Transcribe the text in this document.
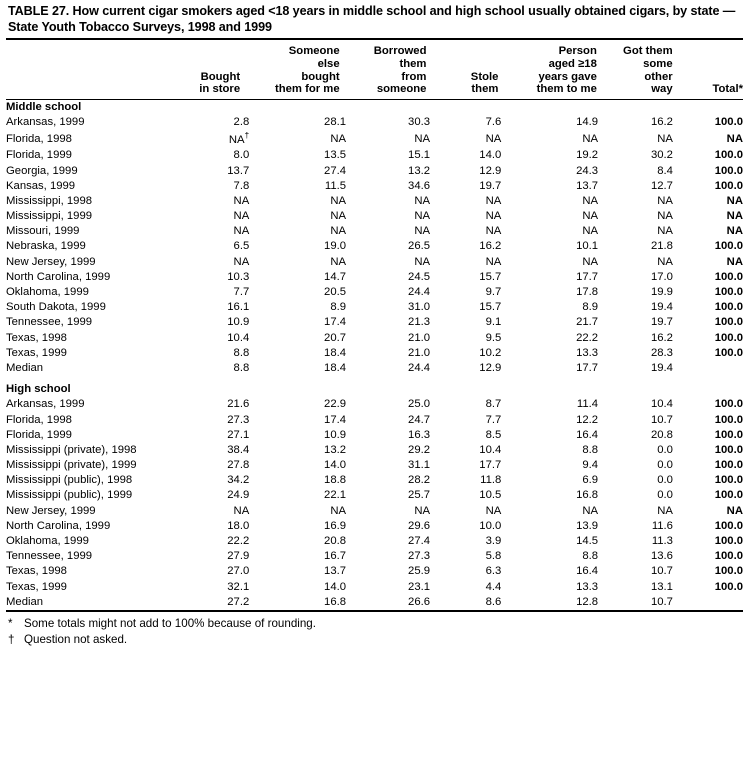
TABLE 27. How current cigar smokers aged <18 years in middle school and high school usually obtained cigars, by state — State Youth Tobacco Surveys, 1998 and 1999
	Bought
in store	Someone
else
bought
them for me	Borrowed
them
from
someone	Stole
them	Person
aged ≥18
years gave
them to me	Got them
some
other
way	Total*
Middle school							
Arkansas, 1999	2.8	28.1	30.3	7.6	14.9	16.2	100.0
Florida, 1998	NA†	NA	NA	NA	NA	NA	NA
Florida, 1999	8.0	13.5	15.1	14.0	19.2	30.2	100.0
Georgia, 1999	13.7	27.4	13.2	12.9	24.3	8.4	100.0
Kansas, 1999	7.8	11.5	34.6	19.7	13.7	12.7	100.0
Mississippi, 1998	NA	NA	NA	NA	NA	NA	NA
Mississippi, 1999	NA	NA	NA	NA	NA	NA	NA
Missouri, 1999	NA	NA	NA	NA	NA	NA	NA
Nebraska, 1999	6.5	19.0	26.5	16.2	10.1	21.8	100.0
New Jersey, 1999	NA	NA	NA	NA	NA	NA	NA
North Carolina, 1999	10.3	14.7	24.5	15.7	17.7	17.0	100.0
Oklahoma, 1999	7.7	20.5	24.4	9.7	17.8	19.9	100.0
South Dakota, 1999	16.1	8.9	31.0	15.7	8.9	19.4	100.0
Tennessee, 1999	10.9	17.4	21.3	9.1	21.7	19.7	100.0
Texas, 1998	10.4	20.7	21.0	9.5	22.2	16.2	100.0
Texas, 1999	8.8	18.4	21.0	10.2	13.3	28.3	100.0
Median	8.8	18.4	24.4	12.9	17.7	19.4	

High school							
Arkansas, 1999	21.6	22.9	25.0	8.7	11.4	10.4	100.0
Florida, 1998	27.3	17.4	24.7	7.7	12.2	10.7	100.0
Florida, 1999	27.1	10.9	16.3	8.5	16.4	20.8	100.0
Mississippi (private), 1998	38.4	13.2	29.2	10.4	8.8	0.0	100.0
Mississippi (private), 1999	27.8	14.0	31.1	17.7	9.4	0.0	100.0
Mississippi (public), 1998	34.2	18.8	28.2	11.8	6.9	0.0	100.0
Mississippi (public), 1999	24.9	22.1	25.7	10.5	16.8	0.0	100.0
New Jersey, 1999	NA	NA	NA	NA	NA	NA	NA
North Carolina, 1999	18.0	16.9	29.6	10.0	13.9	11.6	100.0
Oklahoma, 1999	22.2	20.8	27.4	3.9	14.5	11.3	100.0
Tennessee, 1999	27.9	16.7	27.3	5.8	8.8	13.6	100.0
Texas, 1998	27.0	13.7	25.9	6.3	16.4	10.7	100.0
Texas, 1999	32.1	14.0	23.1	4.4	13.3	13.1	100.0
Median	27.2	16.8	26.6	8.6	12.8	10.7	
* Some totals might not add to 100% because of rounding.
† Question not asked.
